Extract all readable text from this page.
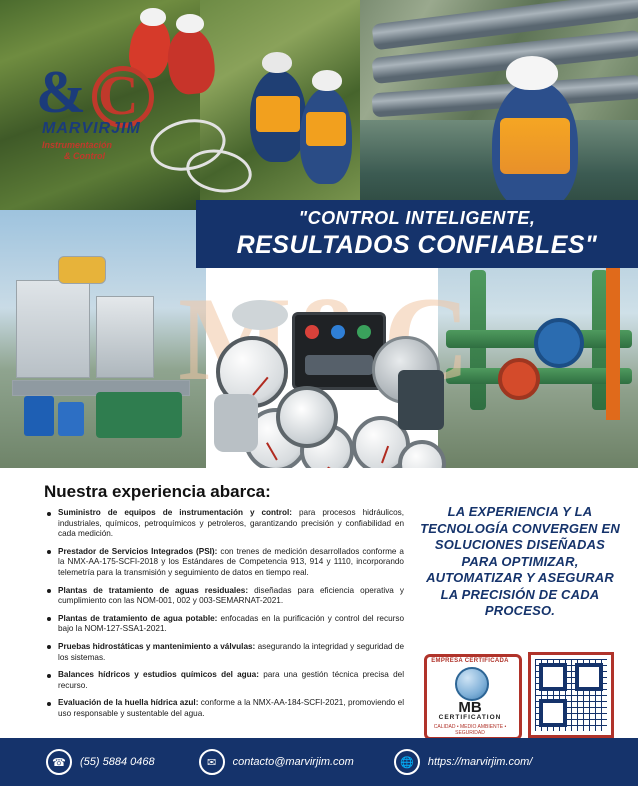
& C
MARVIRJIM
Instrumentación
& Control
"CONTROL INTELIGENTE,
RESULTADOS CONFIABLES"
Nuestra experiencia abarca:
Suministro de equipos de instrumentación y control: para procesos hidráulicos, industriales, químicos, petroquímicos y petroleros, garantizando precisión y confiabilidad en cada medición.
Prestador de Servicios Integrados (PSI): con trenes de medición desarrollados conforme a la NMX-AA-175-SCFI-2018 y los Estándares de Competencia 913, 914 y 1110, incorporando telemetría para la transmisión y seguimiento de datos en tiempo real.
Plantas de tratamiento de aguas residuales: diseñadas para eficiencia operativa y cumplimiento con las NOM-001, 002 y 003-SEMARNAT-2021.
Plantas de tratamiento de agua potable: enfocadas en la purificación y control del recurso bajo la NOM-127-SSA1-2021.
Pruebas hidrostáticas y mantenimiento a válvulas: asegurando la integridad y seguridad de los sistemas.
Balances hídricos y estudios químicos del agua: para una gestión técnica precisa del recurso.
Evaluación de la huella hídrica azul: conforme a la NMX-AA-184-SCFI-2021, promoviendo el uso responsable y sustentable del agua.
LA EXPERIENCIA Y LA TECNOLOGÍA CONVERGEN EN SOLUCIONES DISEÑADAS PARA OPTIMIZAR, AUTOMATIZAR Y ASEGURAR LA PRECISIÓN DE CADA PROCESO.
EMPRESA CERTIFICADA
MB
CERTIFICATION
CALIDAD • MEDIO AMBIENTE • SEGURIDAD
☎	(55) 5884 0468	✉	contacto@marvirjim.com	🌐	https://marvirjim.com/
